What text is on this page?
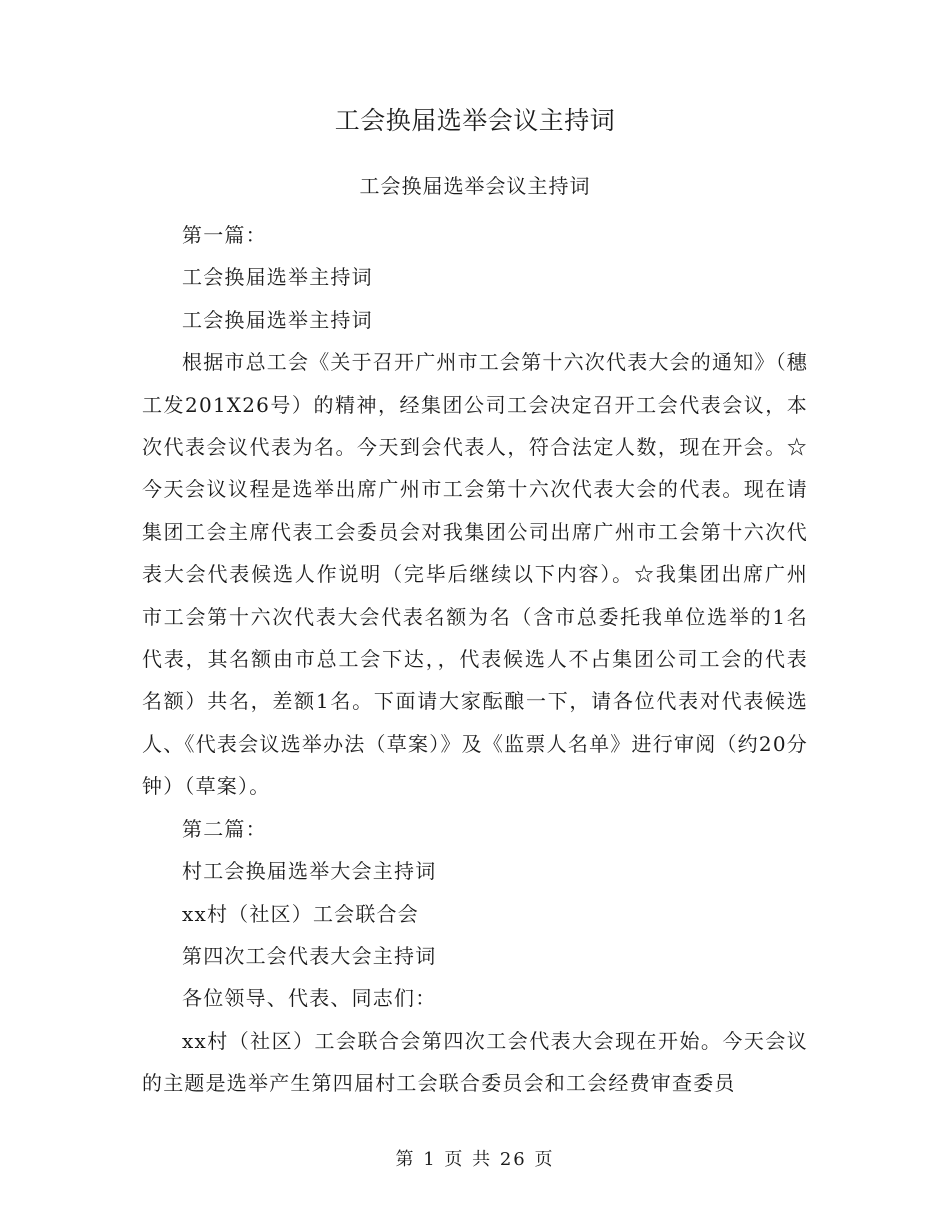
工会换届选举会议主持词
工会换届选举会议主持词

第一篇：

工会换届选举主持词

工会换届选举主持词

根据市总工会《关于召开广州市工会第十六次代表大会的通知》（穗工发201X26号）的精神，经集团公司工会决定召开工会代表会议，本次代表会议代表为名。今天到会代表人，符合法定人数，现在开会。☆今天会议议程是选举出席广州市工会第十六次代表大会的代表。现在请集团工会主席代表工会委员会对我集团公司出席广州市工会第十六次代表大会代表候选人作说明（完毕后继续以下内容）。☆我集团出席广州市工会第十六次代表大会代表名额为名（含市总委托我单位选举的1名代表，其名额由市总工会下达，，代表候选人不占集团公司工会的代表名额）共名，差额1名。下面请大家酝酿一下，请各位代表对代表候选人、《代表会议选举办法（草案）》及《监票人名单》进行审阅（约20分钟）（草案）。

第二篇：

村工会换届选举大会主持词

xx村（社区）工会联合会

第四次工会代表大会主持词

各位领导、代表、同志们：

xx村（社区）工会联合会第四次工会代表大会现在开始。今天会议的主题是选举产生第四届村工会联合委员会和工会经费审查委员

第 1 页 共 26 页
